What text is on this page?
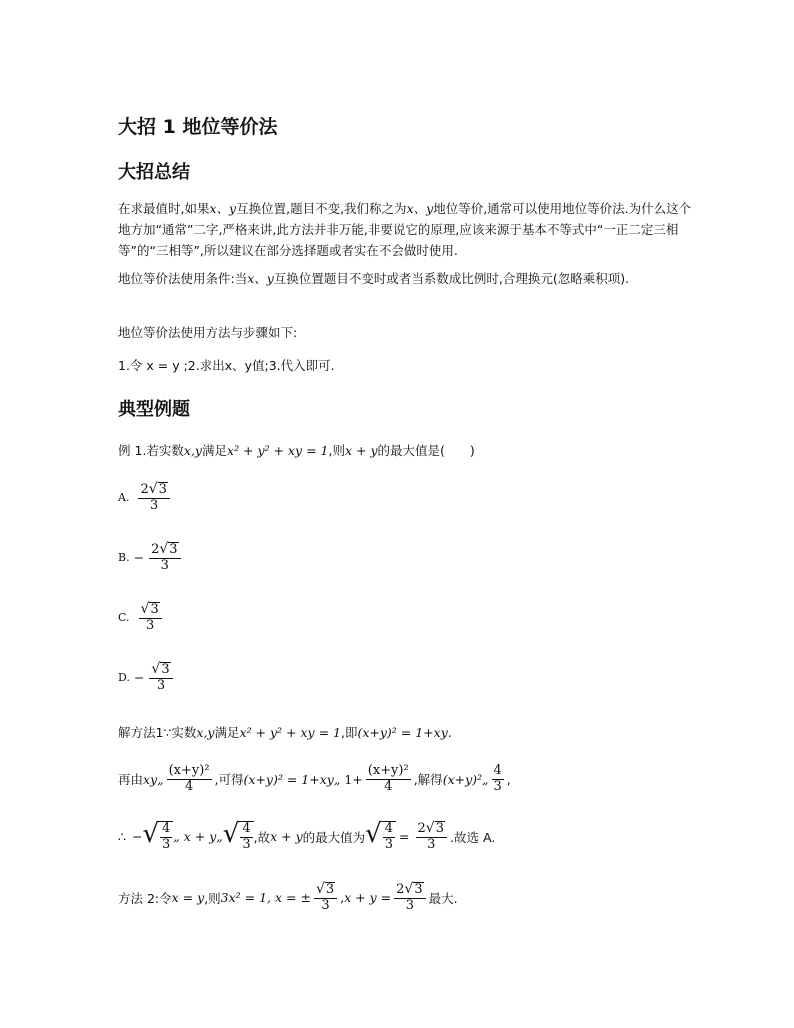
大招 1 地位等价法
大招总结

在求最值时,如果x、y互换位置,题目不变,我们称之为x、y地位等价,通常可以使用地位等价法.为什么这个地方加“通常”二字,严格来讲,此方法并非万能,非要说它的原理,应该来源于基本不等式中“一正二定三相等”的“三相等”,所以建议在部分选择题或者实在不会做时使用.

地位等价法使用条件:当x、y互换位置题目不变时或者当系数成比例时,合理换元(忽略乘积项).

地位等价法使用方法与步骤如下:

1.令 x = y ;2.求出x、y值;3.代入即可.

典型例题
例 1.若实数 x,y 满足 x² + y² + xy = 1 ,则 x + y 的最大值是(　　)
A. $\frac{2 √ 3}{3}$
B. − $\frac{2 √ 3}{3}$
C. $\frac{√ 3}{3}$
D. − $\frac{√ 3}{3}$
解方法1∵实数 x,y 满足 x² + y² + xy = 1 ,即 (x+y)² = 1+xy .
再由 xy„ $\frac{\text{(x+y)²}}{4}$ ,可得 (x+y)² = 1+xy„ $1+ \frac{\text{(x+y)²}}{4}$ ,解得 (x+y)²„ $\frac{4}{3}$ ,
∴ − √ $\frac{4}{3}$ „ x + y„ √ $\frac{4}{3}$ ,故 x + y 的最大值为 √ $\frac{4}{3} = \frac{2 √ 3}{3}$ .故选 A.
方法 2:令 x = y ,则 3x² = 1, x = ± $\frac{√ 3}{3}$ , $x + y = \frac{2 √ 3}{3}$ 最大.
